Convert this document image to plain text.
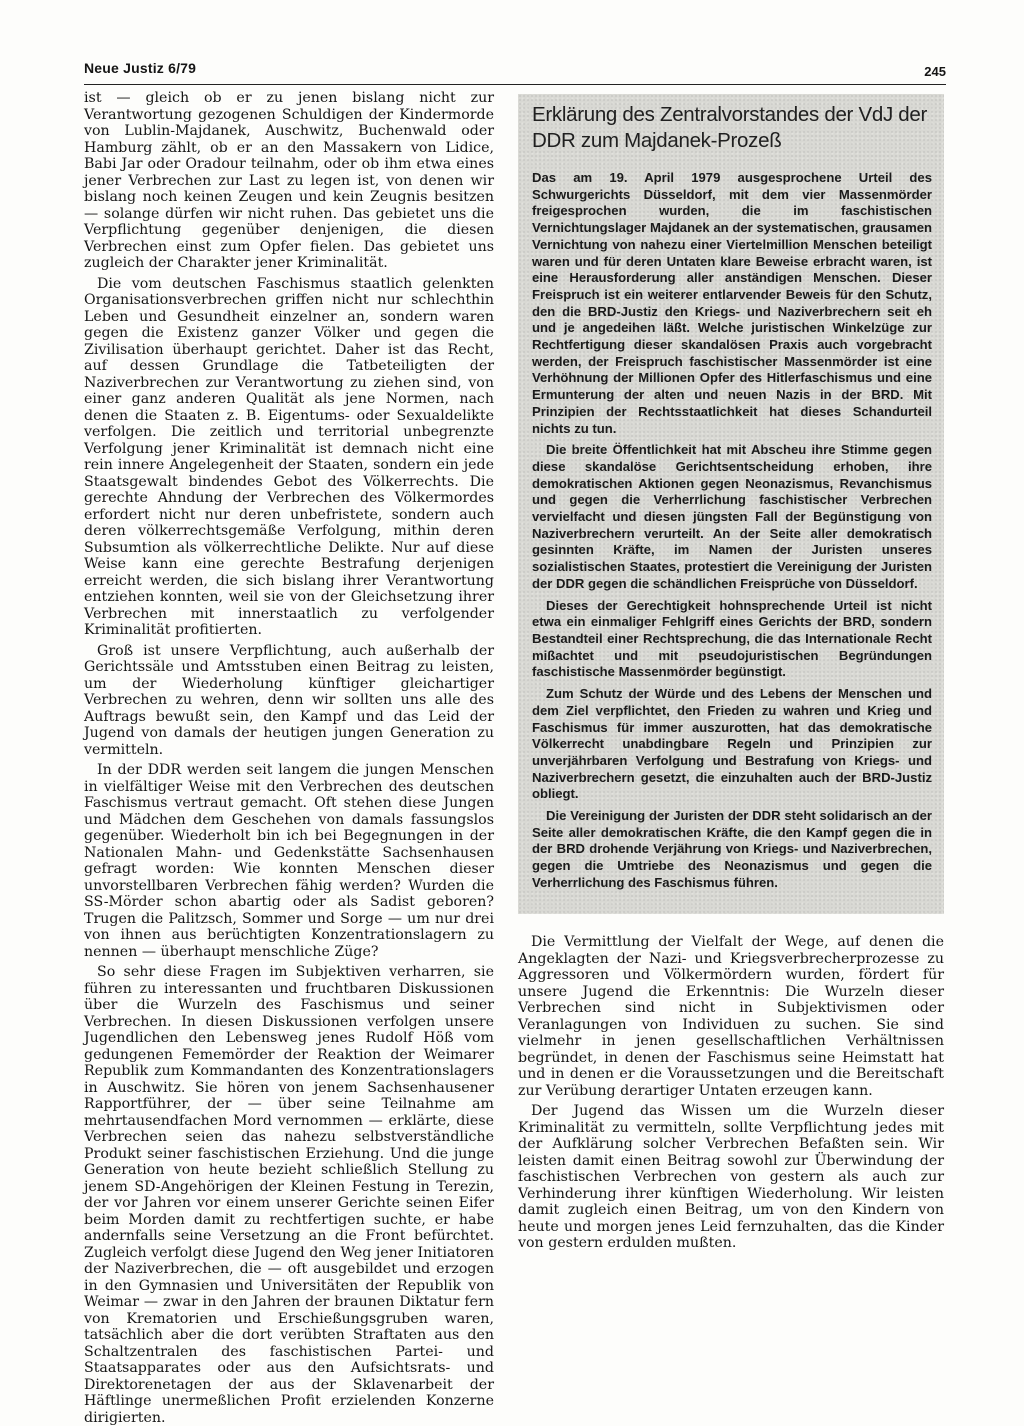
Neue Justiz 6/79	245

ist — gleich ob er zu jenen bislang nicht zur Verantwortung gezogenen Schuldigen der Kindermorde von Lublin-Majdanek, Auschwitz, Buchenwald oder Hamburg zählt, ob er an den Massakern von Lidice, Babi Jar oder Oradour teilnahm, oder ob ihm etwa eines jener Verbrechen zur Last zu legen ist, von denen wir bislang noch keinen Zeugen und kein Zeugnis besitzen — solange dürfen wir nicht ruhen. Das gebietet uns die Verpflichtung gegenüber denjenigen, die diesen Verbrechen einst zum Opfer fielen. Das gebietet uns zugleich der Charakter jener Kriminalität.

Die vom deutschen Faschismus staatlich gelenkten Organisationsverbrechen griffen nicht nur schlechthin Leben und Gesundheit einzelner an, sondern waren gegen die Existenz ganzer Völker und gegen die Zivilisation überhaupt gerichtet. Daher ist das Recht, auf dessen Grundlage die Tatbeteiligten der Naziverbrechen zur Verantwortung zu ziehen sind, von einer ganz anderen Qualität als jene Normen, nach denen die Staaten z. B. Eigentums- oder Sexualdelikte verfolgen. Die zeitlich und territorial unbegrenzte Verfolgung jener Kriminalität ist demnach nicht eine rein innere Angelegenheit der Staaten, sondern ein jede Staatsgewalt bindendes Gebot des Völkerrechts. Die gerechte Ahndung der Verbrechen des Völkermordes erfordert nicht nur deren unbefristete, sondern auch deren völkerrechtsgemäße Verfolgung, mithin deren Subsumtion als völkerrechtliche Delikte. Nur auf diese Weise kann eine gerechte Bestrafung derjenigen erreicht werden, die sich bislang ihrer Verantwortung entziehen konnten, weil sie von der Gleichsetzung ihrer Verbrechen mit innerstaatlich zu verfolgender Kriminalität profitierten.

Groß ist unsere Verpflichtung, auch außerhalb der Gerichtssäle und Amtsstuben einen Beitrag zu leisten, um der Wiederholung künftiger gleichartiger Verbrechen zu wehren, denn wir sollten uns alle des Auftrags bewußt sein, den Kampf und das Leid der Jugend von damals der heutigen jungen Generation zu vermitteln.

In der DDR werden seit langem die jungen Menschen in vielfältiger Weise mit den Verbrechen des deutschen Faschismus vertraut gemacht. Oft stehen diese Jungen und Mädchen dem Geschehen von damals fassungslos gegenüber. Wiederholt bin ich bei Begegnungen in der Nationalen Mahn- und Gedenkstätte Sachsenhausen gefragt worden: Wie konnten Menschen dieser unvorstellbaren Verbrechen fähig werden? Wurden die SS-Mörder schon abartig oder als Sadist geboren? Trugen die Palitzsch, Sommer und Sorge — um nur drei von ihnen aus berüchtigten Konzentrationslagern zu nennen — überhaupt menschliche Züge?

So sehr diese Fragen im Subjektiven verharren, sie führen zu interessanten und fruchtbaren Diskussionen über die Wurzeln des Faschismus und seiner Verbrechen. In diesen Diskussionen verfolgen unsere Jugendlichen den Lebensweg jenes Rudolf Höß vom gedungenen Fememörder der Reaktion der Weimarer Republik zum Kommandanten des Konzentrationslagers in Auschwitz. Sie hören von jenem Sachsenhausener Rapportführer, der — über seine Teilnahme am mehrtausendfachen Mord vernommen — erklärte, diese Verbrechen seien das nahezu selbstverständliche Produkt seiner faschistischen Erziehung. Und die junge Generation von heute bezieht schließlich Stellung zu jenem SD-Angehörigen der Kleinen Festung in Terezin, der vor Jahren vor einem unserer Gerichte seinen Eifer beim Morden damit zu rechtfertigen suchte, er habe andernfalls seine Versetzung an die Front befürchtet. Zugleich verfolgt diese Jugend den Weg jener Initiatoren der Naziverbrechen, die — oft ausgebildet und erzogen in den Gymnasien und Universitäten der Republik von Weimar — zwar in den Jahren der braunen Diktatur fern von Krematorien und Erschießungsgruben waren, tatsächlich aber die dort verübten Straftaten aus den Schaltzentralen des faschistischen Partei- und Staatsapparates oder aus den Aufsichtsrats- und Direktorenetagen der aus der Sklavenarbeit der Häftlinge unermeßlichen Profit erzielenden Konzerne dirigierten.

Erklärung des Zentralvorstandes der VdJ der DDR zum Majdanek-Prozeß

Das am 19. April 1979 ausgesprochene Urteil des Schwurgerichts Düsseldorf, mit dem vier Massenmörder freigesprochen wurden, die im faschistischen Vernichtungslager Majdanek an der systematischen, grausamen Vernichtung von nahezu einer Viertelmillion Menschen beteiligt waren und für deren Untaten klare Beweise erbracht waren, ist eine Herausforderung aller anständigen Menschen. Dieser Freispruch ist ein weiterer entlarvender Beweis für den Schutz, den die BRD-Justiz den Kriegs- und Naziverbrechern seit eh und je angedeihen läßt. Welche juristischen Winkelzüge zur Rechtfertigung dieser skandalösen Praxis auch vorgebracht werden, der Freispruch faschistischer Massenmörder ist eine Verhöhnung der Millionen Opfer des Hitlerfaschismus und eine Ermunterung der alten und neuen Nazis in der BRD. Mit Prinzipien der Rechtsstaatlichkeit hat dieses Schandurteil nichts zu tun.

Die breite Öffentlichkeit hat mit Abscheu ihre Stimme gegen diese skandalöse Gerichtsentscheidung erhoben, ihre demokratischen Aktionen gegen Neonazismus, Revanchismus und gegen die Verherrlichung faschistischer Verbrechen vervielfacht und diesen jüngsten Fall der Begünstigung von Naziverbrechern verurteilt. An der Seite aller demokratisch gesinnten Kräfte, im Namen der Juristen unseres sozialistischen Staates, protestiert die Vereinigung der Juristen der DDR gegen die schändlichen Freisprüche von Düsseldorf.

Dieses der Gerechtigkeit hohnsprechende Urteil ist nicht etwa ein einmaliger Fehlgriff eines Gerichts der BRD, sondern Bestandteil einer Rechtsprechung, die das Internationale Recht mißachtet und mit pseudojuristischen Begründungen faschistische Massenmörder begünstigt.

Zum Schutz der Würde und des Lebens der Menschen und dem Ziel verpflichtet, den Frieden zu wahren und Krieg und Faschismus für immer auszurotten, hat das demokratische Völkerrecht unabdingbare Regeln und Prinzipien zur unverjährbaren Verfolgung und Bestrafung von Kriegs- und Naziverbrechern gesetzt, die einzuhalten auch der BRD-Justiz obliegt.

Die Vereinigung der Juristen der DDR steht solidarisch an der Seite aller demokratischen Kräfte, die den Kampf gegen die in der BRD drohende Verjährung von Kriegs- und Naziverbrechen, gegen die Umtriebe des Neonazismus und gegen die Verherrlichung des Faschismus führen.

Die Vermittlung der Vielfalt der Wege, auf denen die Angeklagten der Nazi- und Kriegsverbrecherprozesse zu Aggressoren und Völkermördern wurden, fördert für unsere Jugend die Erkenntnis: Die Wurzeln dieser Verbrechen sind nicht in Subjektivismen oder Veranlagungen von Individuen zu suchen. Sie sind vielmehr in jenen gesellschaftlichen Verhältnissen begründet, in denen der Faschismus seine Heimstatt hat und in denen er die Voraussetzungen und die Bereitschaft zur Verübung derartiger Untaten erzeugen kann.

Der Jugend das Wissen um die Wurzeln dieser Kriminalität zu vermitteln, sollte Verpflichtung jedes mit der Aufklärung solcher Verbrechen Befaßten sein. Wir leisten damit einen Beitrag sowohl zur Überwindung der faschistischen Verbrechen von gestern als auch zur Verhinderung ihrer künftigen Wiederholung. Wir leisten damit zugleich einen Beitrag, um von den Kindern von heute und morgen jenes Leid fernzuhalten, das die Kinder von gestern erdulden mußten.
